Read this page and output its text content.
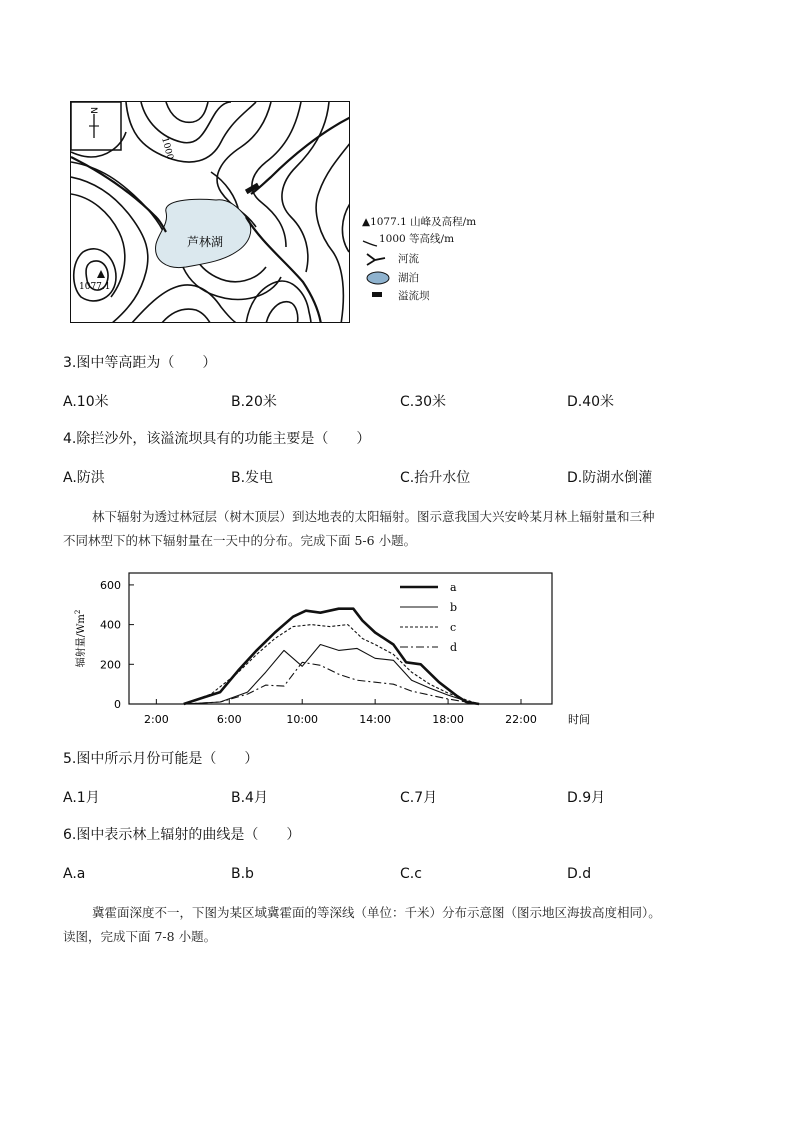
N
芦林湖
1000
1077.1
▲1077.1 山峰及高程/m
1000 等高线/m
河流
湖泊
溢流坝
3.图中等高距为（　　）
A.10米	B.20米	C.30米	D.40米
4.除拦沙外，该溢流坝具有的功能主要是（　　）
A.防洪	B.发电	C.抬升水位	D.防湖水倒灌
林下辐射为透过林冠层（树木顶层）到达地表的太阳辐射。图示意我国大兴安岭某月林上辐射量和三种
不同林型下的林下辐射量在一天中的分布。完成下面 5-6 小题。
0
200
400
600
2:00	6:00	10:00	14:00	18:00	22:00	时间
辐射量/Wm$^2$
a
b
c
d
5.图中所示月份可能是（　　）
A.1月	B.4月	C.7月	D.9月
6.图中表示林上辐射的曲线是（　　）
A.a	B.b	C.c	D.d
冀霍面深度不一，下图为某区域冀霍面的等深线（单位：千米）分布示意图（图示地区海拔高度相同）。
读图，完成下面 7-8 小题。
